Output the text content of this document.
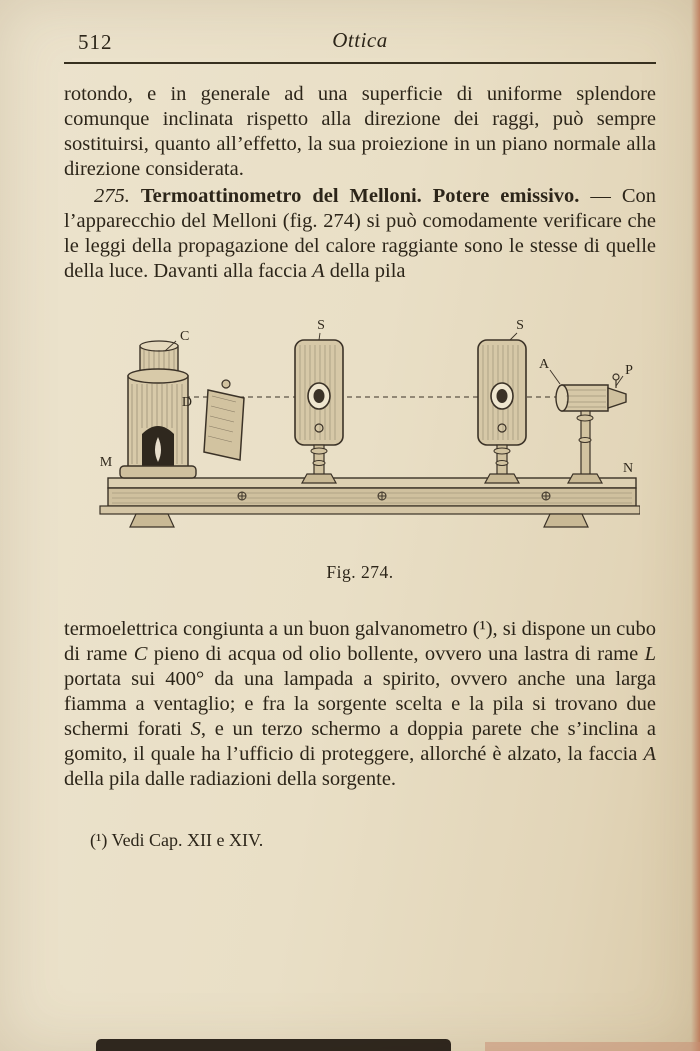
512	Ottica

rotondo, e in generale ad una superficie di uniforme splendore comunque inclinata rispetto alla direzione dei raggi, può sempre sostituirsi, quanto all’effetto, la sua proiezione in un piano normale alla direzione considerata.

275. Termoattinometro del Melloni. Potere emissivo. — Con l’apparecchio del Melloni (fig. 274) si può comodamente verificare che le leggi della propagazione del calore raggiante sono le stesse di quelle della luce. Davanti alla faccia A della pila

C
D
S	S
A	P
M	N
Fig. 274.

termoelettrica congiunta a un buon galvanometro (¹), si dispone un cubo di rame C pieno di acqua od olio bollente, ovvero una lastra di rame L portata sui 400° da una lampada a spirito, ovvero anche una larga fiamma a ventaglio; e fra la sorgente scelta e la pila si trovano due schermi forati S, e un terzo schermo a doppia parete che s’inclina a gomito, il quale ha l’ufficio di proteggere, allorché è alzato, la faccia A della pila dalle radiazioni della sorgente.

(¹) Vedi Cap. XII e XIV.
